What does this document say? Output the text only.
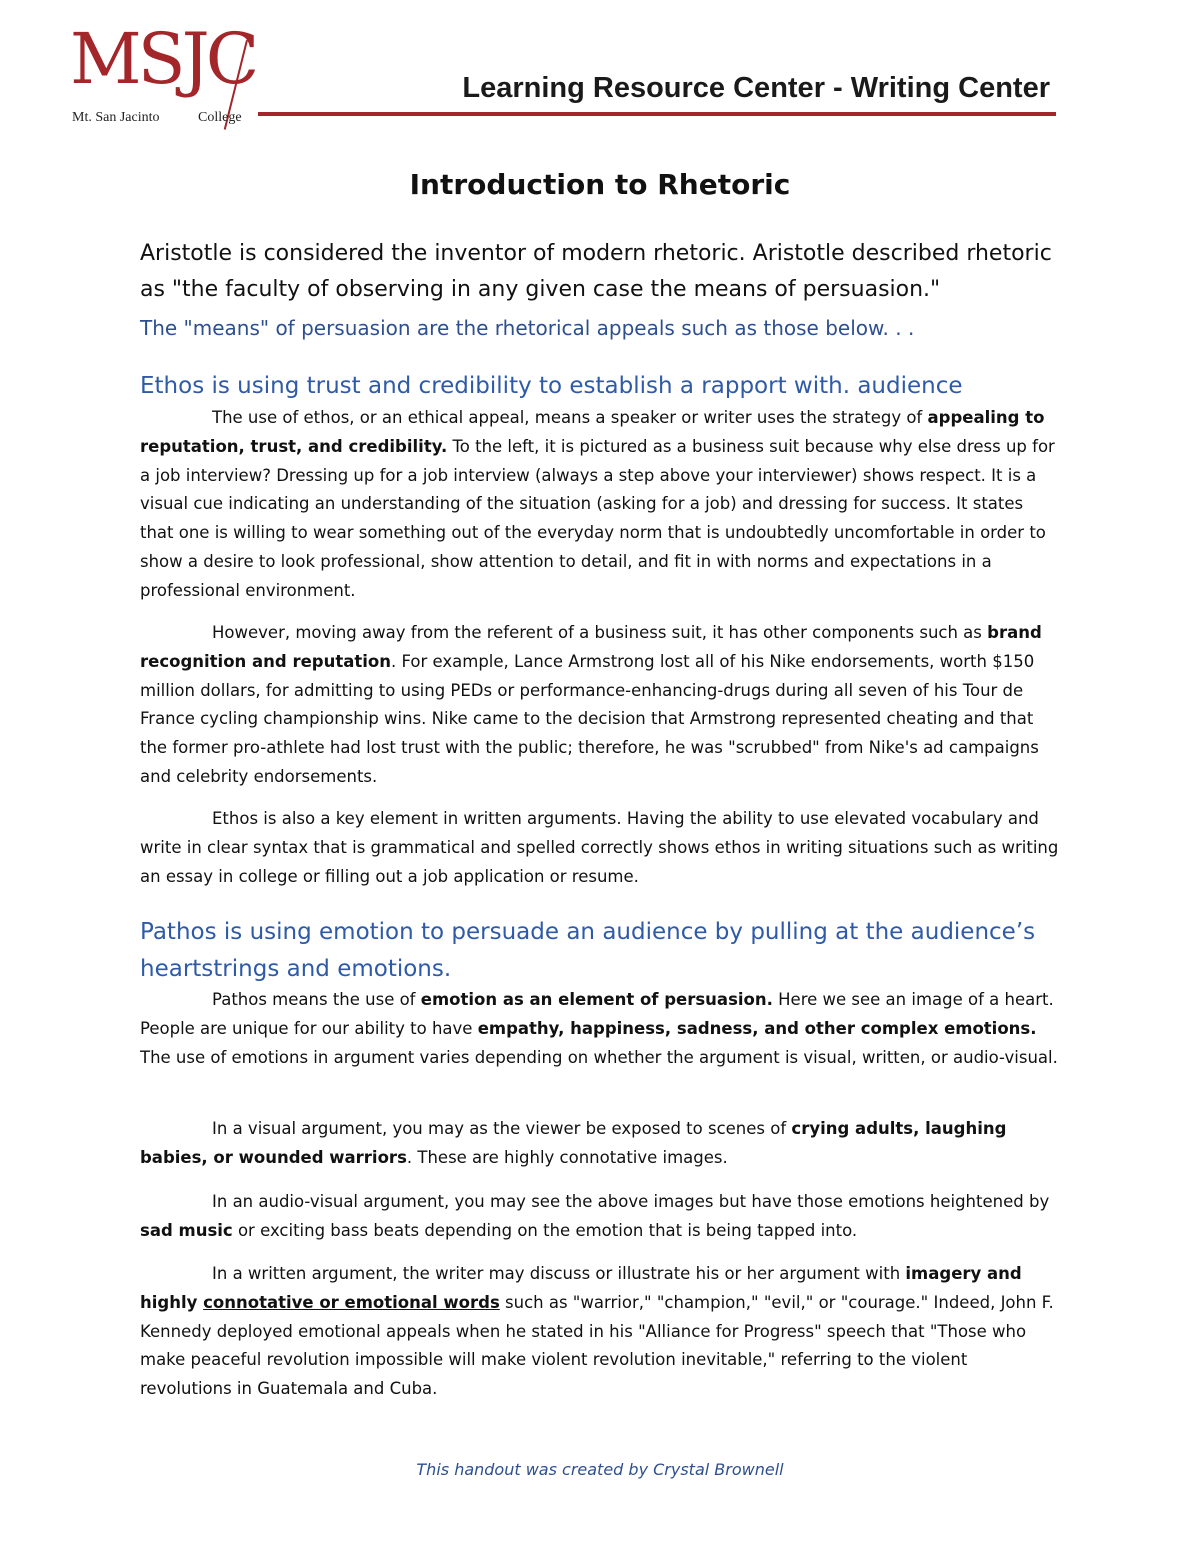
MSJC
Mt. San Jacinto	College
Learning Resource Center - Writing Center
Introduction to Rhetoric

Aristotle is considered the inventor of modern rhetoric. Aristotle described rhetoric as "the faculty of observing in any given case the means of persuasion."

The "means" of persuasion are the rhetorical appeals such as those below. . .

Ethos is using trust and credibility to establish a rapport with. audience

The use of ethos, or an ethical appeal, means a speaker or writer uses the strategy of appealing to reputation, trust, and credibility. To the left, it is pictured as a business suit because why else dress up for a job interview? Dressing up for a job interview (always a step above your interviewer) shows respect. It is a visual cue indicating an understanding of the situation (asking for a job) and dressing for success. It states that one is willing to wear something out of the everyday norm that is undoubtedly uncomfortable in order to show a desire to look professional, show attention to detail, and fit in with norms and expectations in a professional environment.

However, moving away from the referent of a business suit, it has other components such as brand recognition and reputation. For example, Lance Armstrong lost all of his Nike endorsements, worth $150 million dollars, for admitting to using PEDs or performance-enhancing-drugs during all seven of his Tour de France cycling championship wins. Nike came to the decision that Armstrong represented cheating and that the former pro-athlete had lost trust with the public; therefore, he was "scrubbed" from Nike's ad campaigns and celebrity endorsements.

Ethos is also a key element in written arguments. Having the ability to use elevated vocabulary and write in clear syntax that is grammatical and spelled correctly shows ethos in writing situations such as writing an essay in college or filling out a job application or resume.

Pathos is using emotion to persuade an audience by pulling at the audience’s heartstrings and emotions.

Pathos means the use of emotion as an element of persuasion. Here we see an image of a heart. People are unique for our ability to have empathy, happiness, sadness, and other complex emotions. The use of emotions in argument varies depending on whether the argument is visual, written, or audio-visual.

In a visual argument, you may as the viewer be exposed to scenes of crying adults, laughing babies, or wounded warriors. These are highly connotative images.

In an audio-visual argument, you may see the above images but have those emotions heightened by sad music or exciting bass beats depending on the emotion that is being tapped into.

In a written argument, the writer may discuss or illustrate his or her argument with imagery and highly connotative or emotional words such as "warrior," "champion," "evil," or "courage." Indeed, John F. Kennedy deployed emotional appeals when he stated in his "Alliance for Progress" speech that "Those who make peaceful revolution impossible will make violent revolution inevitable," referring to the violent revolutions in Guatemala and Cuba.

This handout was created by Crystal Brownell
